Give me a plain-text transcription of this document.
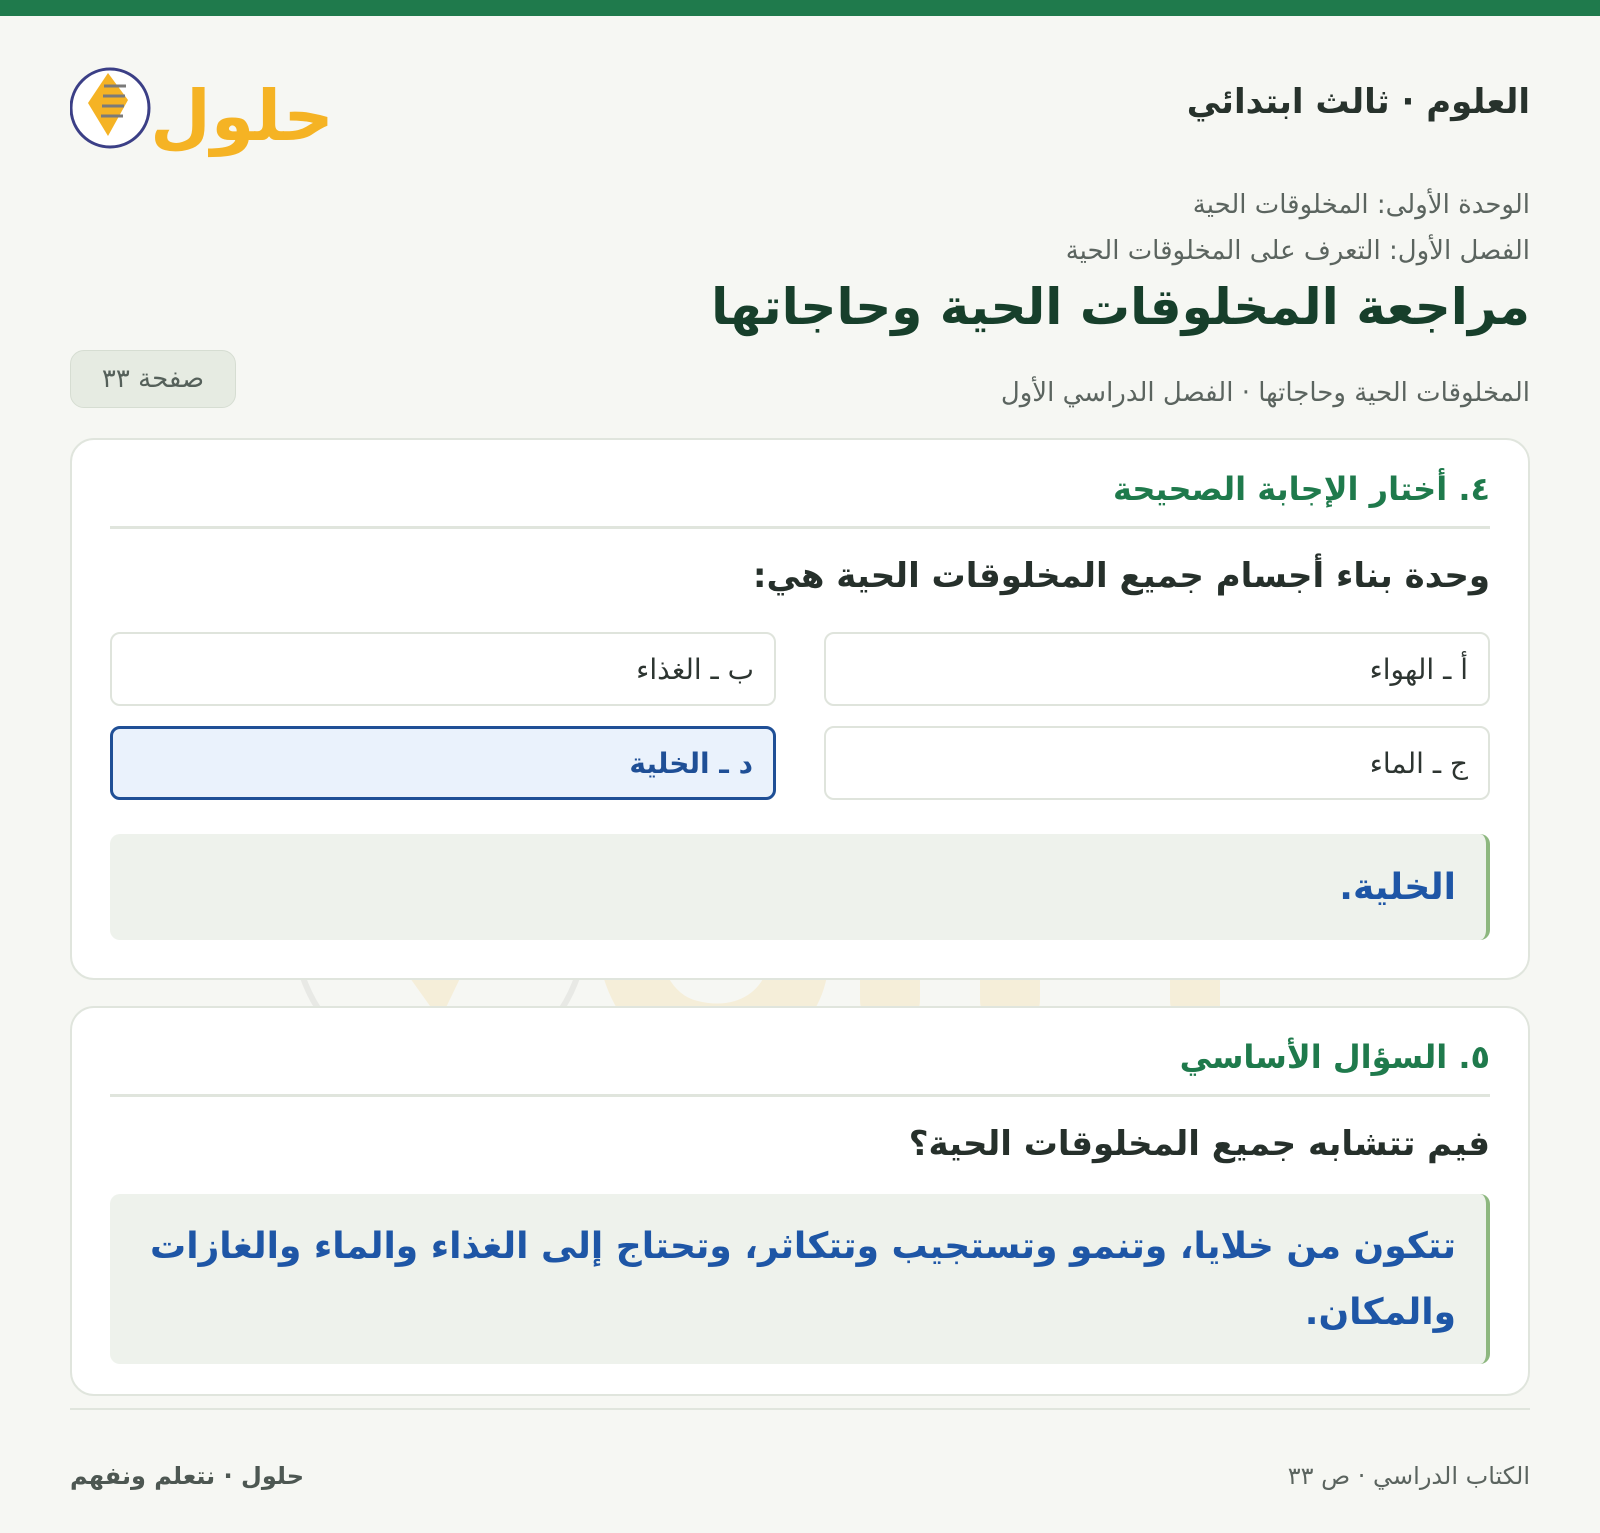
العلوم · ثالث ابتدائي
حلول
الوحدة الأولى: المخلوقات الحية
الفصل الأول: التعرف على المخلوقات الحية
مراجعة المخلوقات الحية وحاجاتها
المخلوقات الحية وحاجاتها · الفصل الدراسي الأول
صفحة ٣٣
٤. أختار الإجابة الصحيحة
وحدة بناء أجسام جميع المخلوقات الحية هي:
أ ـ الهواء
ب ـ الغذاء
ج ـ الماء
د ـ الخلية
الخلية.
٥. السؤال الأساسي
فيم تتشابه جميع المخلوقات الحية؟
تتكون من خلايا، وتنمو وتستجيب وتتكاثر، وتحتاج إلى الغذاء والماء والغازات والمكان.
الكتاب الدراسي · ص ٣٣
حلول · نتعلم ونفهم
